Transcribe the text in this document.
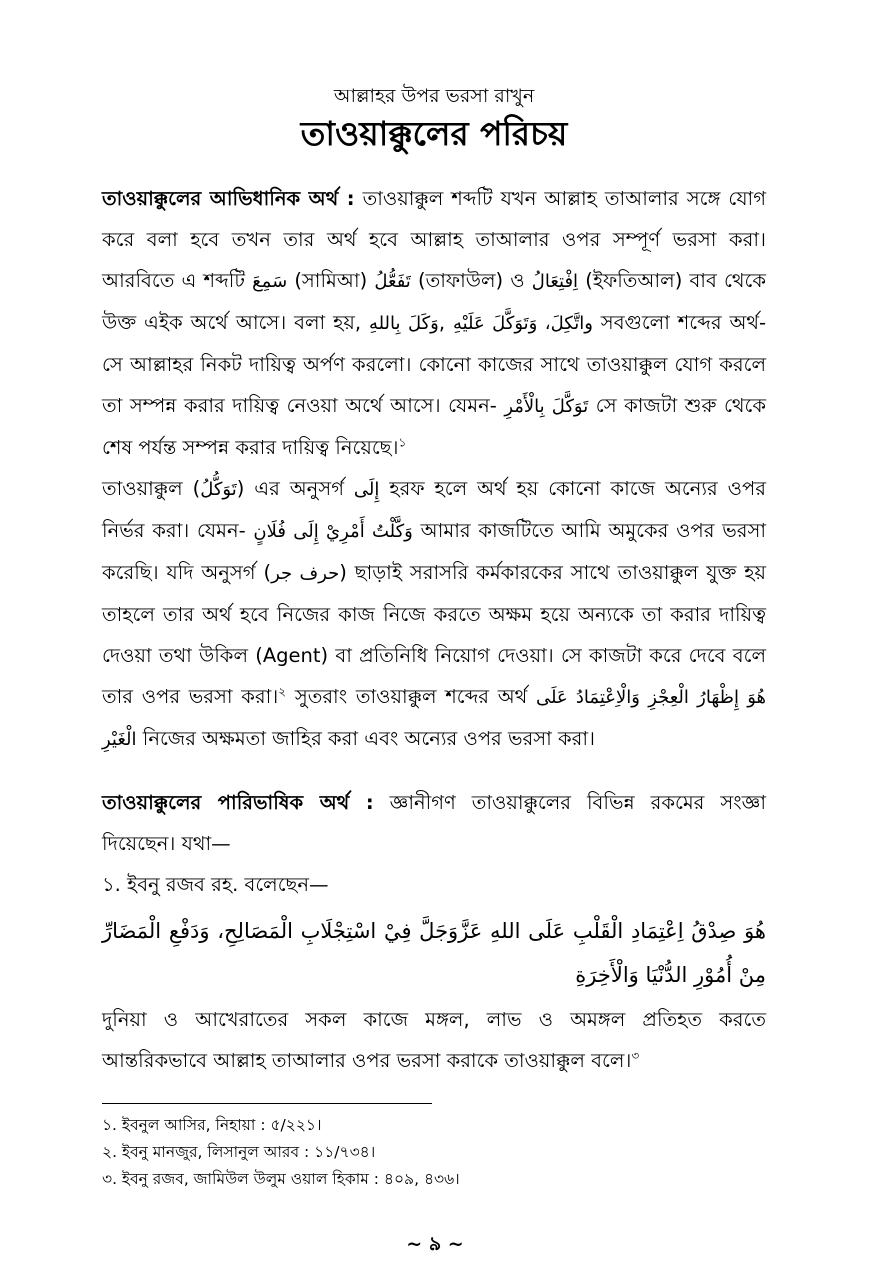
আল্লাহর উপর ভরসা রাখুন
তাওয়াক্কুলের পরিচয়

তাওয়াক্কুলের আভিধানিক অর্থ : তাওয়াক্কুল শব্দটি যখন আল্লাহ তাআলার সঙ্গে যোগ করে বলা হবে তখন তার অর্থ হবে আল্লাহ তাআলার ওপর সম্পূর্ণ ভরসা করা। আরবিতে এ শব্দটি سَمِعَ (সামিআ) تَفَعُّلُ (তাফাউল) ও اِفْتِعَالُ (ইফতিআল) বাব থেকে উক্ত এইক অর্থে আসে। বলা হয়, وَكَلَ بِاللهِ, واتَّكِلَ، وَتَوَكَّلَ عَلَيْهِ সবগুলো শব্দের অর্থ- সে আল্লাহর নিকট দায়িত্ব অর্পণ করলো। কোনো কাজের সাথে তাওয়াক্কুল যোগ করলে তা সম্পন্ন করার দায়িত্ব নেওয়া অর্থে আসে। যেমন- تَوَكَّلَ بِالْأَمْرِ সে কাজটা শুরু থেকে শেষ পর্যন্ত সম্পন্ন করার দায়িত্ব নিয়েছে।$^১$

তাওয়াক্কুল (تَوَكُّلُ) এর অনুসর্গ إِلَى হরফ হলে অর্থ হয় কোনো কাজে অন্যের ওপর নির্ভর করা। যেমন- وَكَّلْتُ أَمْرِيْ إِلَى فُلَانٍ আমার কাজটিতে আমি অমুকের ওপর ভরসা করেছি। যদি অনুসর্গ (حرف جر) ছাড়াই সরাসরি কর্মকারকের সাথে তাওয়াক্কুল যুক্ত হয় তাহলে তার অর্থ হবে নিজের কাজ নিজে করতে অক্ষম হয়ে অন্যকে তা করার দায়িত্ব দেওয়া তথা উকিল (Agent) বা প্রতিনিধি নিয়োগ দেওয়া। সে কাজটা করে দেবে বলে তার ওপর ভরসা করা।$^২$ সুতরাং তাওয়াক্কুল শব্দের অর্থ هُوَ إِظْهَارُ الْعِجْزِ وَالْاِعْتِمَادُ عَلَى الْغَيْرِ নিজের অক্ষমতা জাহির করা এবং অন্যের ওপর ভরসা করা।

তাওয়াক্কুলের পারিভাষিক অর্থ : জ্ঞানীগণ তাওয়াক্কুলের বিভিন্ন রকমের সংজ্ঞা দিয়েছেন। যথা—

১. ইবনু রজব রহ. বলেছেন—

هُوَ صِدْقُ اِعْتِمَادِ الْقَلْبِ عَلَى اللهِ عَزَّوَجَلَّ فِيْ اسْتِجْلَابِ الْمَصَالِحِ، وَدَفْعِ الْمَضَارِّ مِنْ أُمُوْرِ الدُّنْيَا وَالْأَخِرَةِ

দুনিয়া ও আখেরাতের সকল কাজে মঙ্গল, লাভ ও অমঙ্গল প্রতিহত করতে আন্তরিকভাবে আল্লাহ তাআলার ওপর ভরসা করাকে তাওয়াক্কুল বলে।$^৩$

১. ইবনুল আসির, নিহায়া : ৫/২২১।

২. ইবনু মানজুর, লিসানুল আরব : ১১/৭৩৪।

৩. ইবনু রজব, জামিউল উলুম ওয়াল হিকাম : ৪০৯, ৪৩৬।

~ ৯ ~
